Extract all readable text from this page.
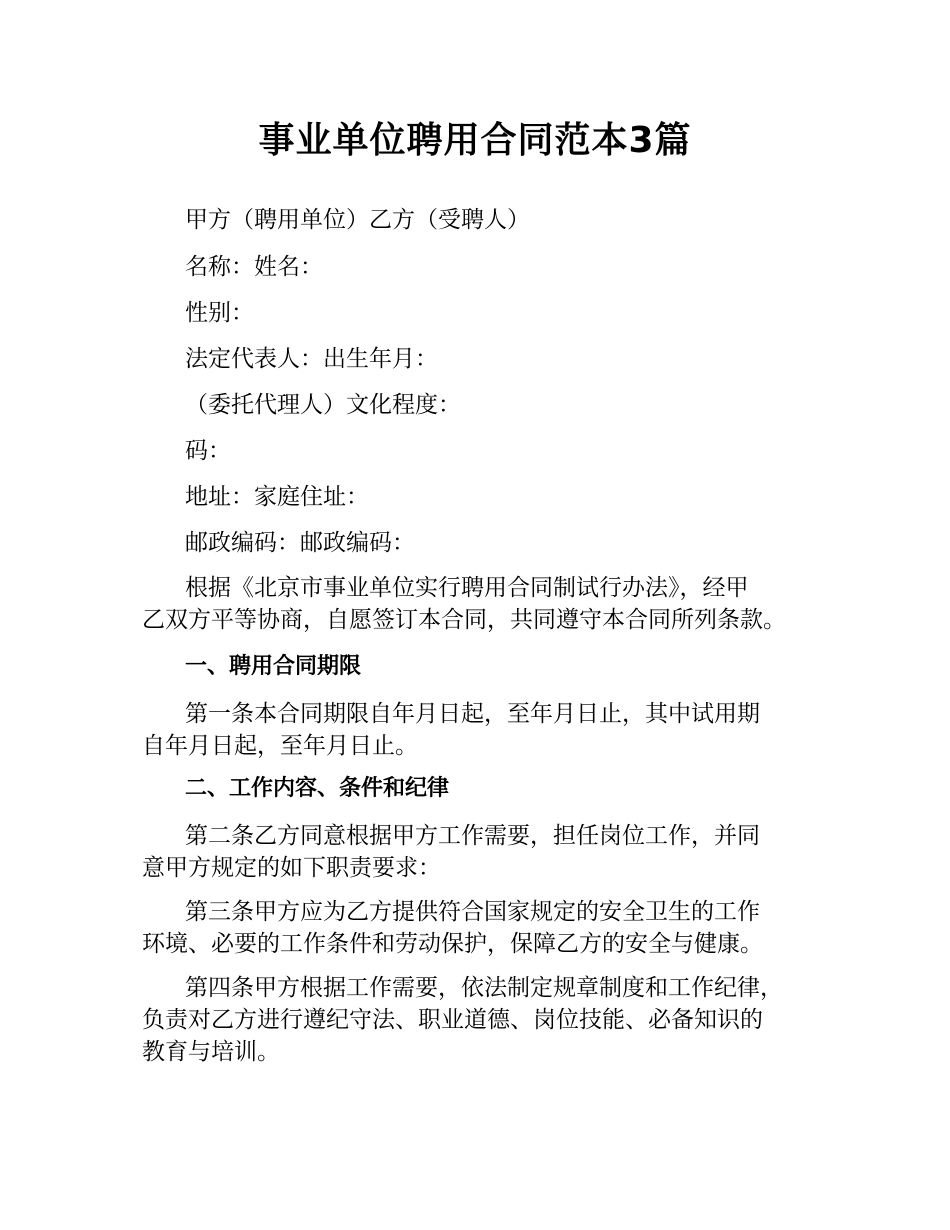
事业单位聘用合同范本3篇

甲方（聘用单位）乙方（受聘人）

名称：姓名：

性别：

法定代表人：出生年月：

（委托代理人）文化程度：

码：

地址：家庭住址：

邮政编码：邮政编码：

根据《北京市事业单位实行聘用合同制试行办法》，经甲
乙双方平等协商，自愿签订本合同，共同遵守本合同所列条款。
一、聘用合同期限
第一条本合同期限自年月日起，至年月日止，其中试用期
自年月日起，至年月日止。
二、工作内容、条件和纪律
第二条乙方同意根据甲方工作需要，担任岗位工作，并同
意甲方规定的如下职责要求：
第三条甲方应为乙方提供符合国家规定的安全卫生的工作
环境、必要的工作条件和劳动保护，保障乙方的安全与健康。
第四条甲方根据工作需要，依法制定规章制度和工作纪律，
负责对乙方进行遵纪守法、职业道德、岗位技能、必备知识的
教育与培训。
